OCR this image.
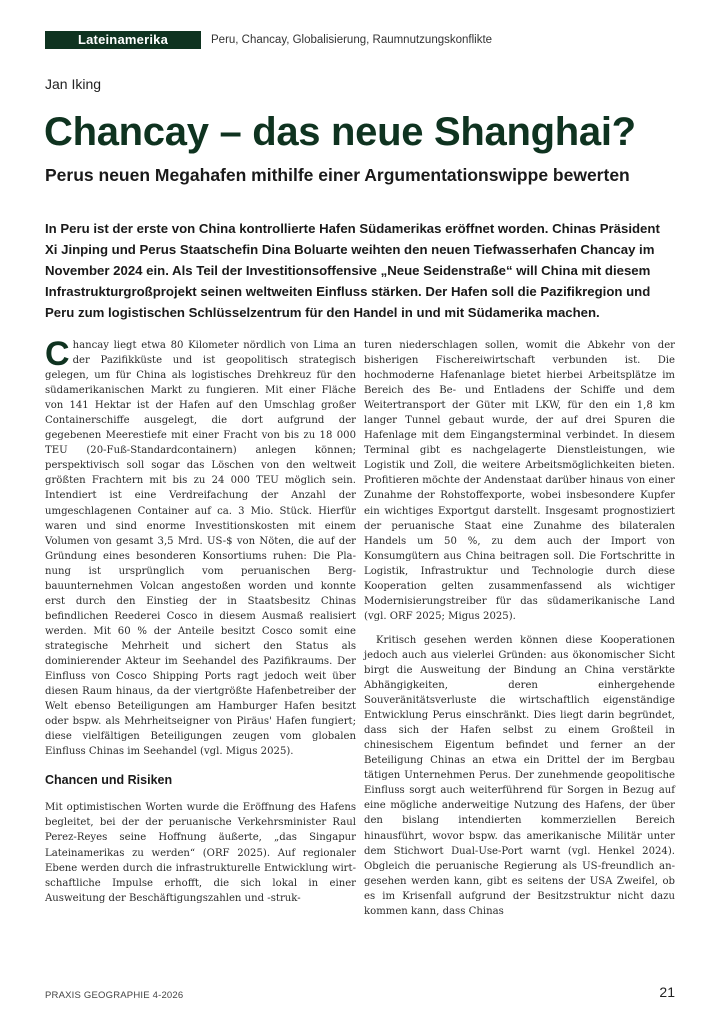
Lateinamerika	Peru, Chancay, Globalisierung, Raumnutzungskonflikte
Jan Iking
Chancay – das neue Shanghai?
Perus neuen Megahafen mithilfe einer Argumentationswippe bewerten

In Peru ist der erste von China kontrollierte Hafen Südamerikas eröffnet worden. Chinas Präsident Xi Jinping und Perus Staatschefin Dina Boluarte weihten den neuen Tiefwasserhafen Chancay im November 2024 ein. Als Teil der Investitionsoffensive „Neue Seidenstraße“ will China mit diesem Infrastrukturgroßprojekt seinen weltweiten Einfluss stärken. Der Hafen soll die Pazifikregion und Peru zum logistischen Schlüsselzentrum für den Handel in und mit Südamerika machen.

Chancay liegt etwa 80 Kilometer nördlich von Lima an der Pazifikküste und ist geopolitisch strategisch gelegen, um für China als logistisches Drehkreuz für den südamerikanischen Markt zu fungieren. Mit einer Fläche von 141 Hektar ist der Hafen auf den Umschlag großer Containerschiffe ausgelegt, die dort aufgrund der gegebenen Meerestiefe mit einer Fracht von bis zu 18 000 TEU (20-Fuß-Standardcontainern) anlegen können; perspektivisch soll sogar das Löschen von den weltweit größten Frachtern mit bis zu 24 000 TEU möglich sein. Intendiert ist eine Verdreifachung der Anzahl der umgeschlagenen Container auf ca. 3 Mio. Stück. Hierfür waren und sind enorme Investitionskosten mit einem Volumen von gesamt 3,5 Mrd. US-$ von Nöten, die auf der Gründung eines besonderen Konsortiums ruhen: Die Planung ist ursprünglich vom peruanischen Bergbauunternehmen Volcan angestoßen worden und konnte erst durch den Einstieg der in Staatsbesitz Chinas befindlichen Reederei Cosco in diesem Ausmaß realisiert werden. Mit 60 % der Anteile besitzt Cosco somit eine strategische Mehrheit und sichert den Status als dominierender Akteur im Seehandel des Pazifikraums. Der Einfluss von Cosco Shipping Ports ragt jedoch weit über diesen Raum hinaus, da der viertgrößte Hafenbetreiber der Welt ebenso Beteiligungen am Hamburger Hafen besitzt oder bspw. als Mehrheitseigner von Piräus' Hafen fungiert; diese vielfältigen Beteiligungen zeugen vom globalen Einfluss Chinas im Seehandel (vgl. Migus 2025).

Chancen und Risiken

Mit optimistischen Worten wurde die Eröffnung des Hafens begleitet, bei der der peruanische Verkehrsminister Raul Perez-Reyes seine Hoffnung äußerte, „das Singapur Lateinamerikas zu werden“ (ORF 2025). Auf regionaler Ebene werden durch die infrastrukturelle Entwicklung wirtschaftliche Impulse erhofft, die sich lokal in einer Ausweitung der Beschäftigungszahlen und -struk-

turen niederschlagen sollen, womit die Abkehr von der bisherigen Fischereiwirtschaft verbunden ist. Die hochmoderne Hafenanlage bietet hierbei Arbeitsplätze im Bereich des Be- und Entladens der Schiffe und dem Weitertransport der Güter mit LKW, für den ein 1,8 km langer Tunnel gebaut wurde, der auf drei Spuren die Hafenlage mit dem Eingangsterminal verbindet. In diesem Terminal gibt es nachgelagerte Dienstleistungen, wie Logistik und Zoll, die weitere Arbeitsmöglichkeiten bieten. Profitieren möchte der Andenstaat darüber hinaus von einer Zunahme der Rohstoffexporte, wobei insbesondere Kupfer ein wichtiges Exportgut darstellt. Insgesamt prognostiziert der peruanische Staat eine Zunahme des bilateralen Handels um 50 %, zu dem auch der Import von Konsumgütern aus China beitragen soll. Die Fortschritte in Logistik, Infrastruktur und Technologie durch diese Kooperation gelten zusammenfassend als wichtiger Modernisierungstreiber für das südamerikanische Land (vgl. ORF 2025; Migus 2025).

Kritisch gesehen werden können diese Kooperationen jedoch auch aus vielerlei Gründen: aus ökonomischer Sicht birgt die Ausweitung der Bindung an China verstärkte Abhängigkeiten, deren einhergehende Souveränitätsverluste die wirtschaftlich eigenständige Entwicklung Perus einschränkt. Dies liegt darin begründet, dass sich der Hafen selbst zu einem Großteil in chinesischem Eigentum befindet und ferner an der Beteiligung Chinas an etwa ein Drittel der im Bergbau tätigen Unternehmen Perus. Der zunehmende geopolitische Einfluss sorgt auch weiterführend für Sorgen in Bezug auf eine mögliche anderweitige Nutzung des Hafens, der über den bislang intendierten kommerziellen Bereich hinausführt, wovor bspw. das amerikanische Militär unter dem Stichwort Dual-Use-Port warnt (vgl. Henkel 2024). Obgleich die peruanische Regierung als US-freundlich angesehen werden kann, gibt es seitens der USA Zweifel, ob es im Krisenfall aufgrund der Besitzstruktur nicht dazu kommen kann, dass Chinas

PRAXIS GEOGRAPHIE 4-2026	21
